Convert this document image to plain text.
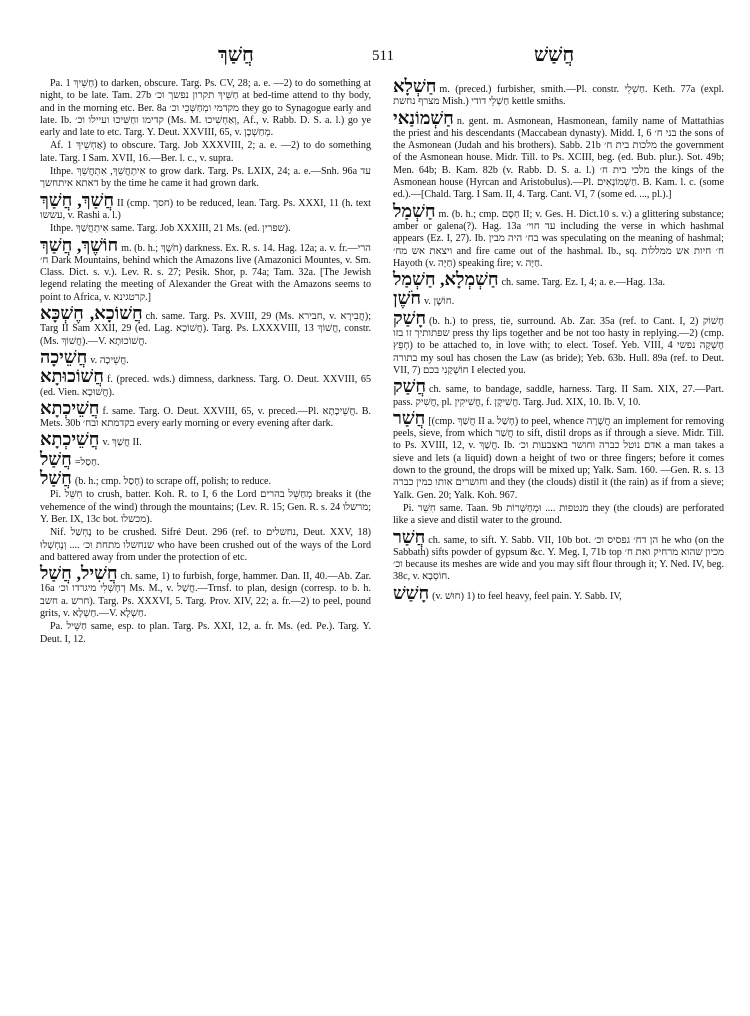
חֲשַׁךְ	511	חֲשַׁשׁ

Pa. חַשֵּׁיךְ 1) to darken, obscure. Targ. Ps. CV, 28; a. e. —2) to do something at night, to be late. Tam. 27b חַשֵּׁיךְ תקרון נפשך וכ׳ at bed-time attend to thy body, and in the morning etc. Ber. 8a מקדמי ומְחַשְּׁכֵי וכ׳ they go to Synagogue early and late. Ib. קדימו וחַשִּׁיכוּ ועיילו וכ׳ (Ms. M. וְאַחְשִׁיכוּ, Af., v. Rabb. D. S. a. l.) go ye early and late to etc. Targ. Y. Deut. XXVIII, 65, v. מְחַשְׁכָן.

Af. אַחְשֵׁיךְ 1) to obscure. Targ. Job XXXVIII, 2; a. e. —2) to do something late. Targ. I Sam. XVII, 16.—Ber. l. c., v. supra.

Ithpe. אִיתְחֲשֵׁךְ, אִתְחֲשֵׁךְ to grow dark. Targ. Ps. LXIX, 24; a. e.—Snh. 96a עד דאתא איתחשך by the time he came it had grown dark.

חֲשַׁךְ, חֲשַׁךְ II (cmp. חסך) to be reduced, lean. Targ. Ps. XXXI, 11 (h. text עששו, v. Rashi a. l.)

Ithpe. אִיתְחֲשַׁךְ same. Targ. Job XXXIII, 21 Ms. (ed. שפרין).

חוֹשֶׁךְ, חֲשַׁךְ m. (b. h.; חֹשֶׁךְ) darkness. Ex. R. s. 14. Hag. 12a; a. v. fr.—הרי ח׳ Dark Mountains, behind which the Amazons live (Amazonici Mountes, v. Sm. Class. Dict. s. v.). Lev. R. s. 27; Pesik. Shor, p. 74a; Tam. 32a. [The Jewish legend relating the meeting of Alexander the Great with the Amazons seems to point to Africa, v. קרטגינא.]

חֲשׁוֹכָא, חֶשְׁכָּא ch. same. Targ. Ps. XVIII, 29 (Ms. חבירא, v. חֲבִירָא); Targ II Sam XXII, 29 (ed. Lag. חֲשׁוֹכָא). Targ. Ps. LXXXVIII, 13 חֲשׁוֹךְ, constr. (Ms. חֲשׁוֹךְ).—V. חֲשׁוֹכוּתָא.

חֲשֵׁיכָה v. חֲשֵׁיכָה.

חֲשׁוֹכוּתָא f. (preced. wds.) dimness, darkness. Targ. O. Deut. XXVIII, 65 (ed. Vien. חֲשׁוּכָא).

חֲשֵׁיכְתָא f. same. Targ. O. Deut. XXVIII, 65, v. preced.—Pl. חֲשֵׁיכָתָא. B. Mets. 30b בקדמתא ובח׳ every early morning or every evening after dark.

חֲשֵׁיכְתָא v. חֲשַׁךְ II.

חֲשַׁל =חַסַל.

חֲשַׁל (b. h.; cmp. חָסַל) to scrape off, polish; to reduce.

Pi. חִשֵּׁל to crush, batter. Koh. R. to I, 6 the Lord מְחַשֵּׁל בהרים breaks it (the vehemence of the wind) through the mountains; (Lev. R. 15; Gen. R. s. 24 מרשלו; Y. Ber. IX, 13c bot. מכשלו).

Nif. נֶחְשַׁל to be crushed. Sifré Deut. 296 (ref. to נחשלים, Deut. XXV, 18) שנחשלו מתחת וכ׳ .... וְנֶחְשְׁלוּ who have been crushed out of the ways of the Lord and battered away from under the protection of etc.

חֲשִׁיל, חֲשַׁל ch. same, 1) to furbish, forge, hammer. Dan. II, 40.—Ab. Zar. 16a דְחָשְׁלִי מיגרדו וכ׳ Ms. M., v. חֲשַׁל.—Trnsf. to plan, design (corresp. to b. h. חשב a. חרש). Targ. Ps. XXXVI, 5. Targ. Prov. XIV, 22; a. fr.—2) to peel, pound grits, v. חַשְׁלָא.—V. חַשְׁלָא.

Pa. חַשֵּׁיל same, esp. to plan. Targ. Ps. XXI, 12, a. fr. Ms. (ed. Pe.). Targ. Y. Deut. I, 12.

חַשְׁלָא m. (preced.) furbisher, smith.—Pl. constr. חַשְׁלֵי. Keth. 77a (expl. מצרף נחשת Mish.) חַשְׁלֵי דודי kettle smiths.

חַשְׁמוֹנַאי n. gent. m. Asmonean, Hasmonean, family name of Mattathias the priest and his descendants (Maccabean dynasty). Midd. I, 6 בני ח׳ the sons of the Asmonean (Judah and his brothers). Sabb. 21b מלכות בית ח׳ the government of the Asmonean house. Midr. Till. to Ps. XCIII, beg. (ed. Bub. plur.). Sot. 49b; Men. 64b; B. Kam. 82b (v. Rabb. D. S. a. l.) מלכי בית ח׳ the kings of the Asmonean house (Hyrcan and Aristobulus).—Pl. חַשְׁמוֹנָאִים. B. Kam. l. c. (some ed.).—[Chald. Targ. I Sam. II, 4. Targ. Cant. VI, 7 (some ed. ..., pl.).]

חַשְׁמַל m. (b. h.; cmp. חַסָם II; v. Ges. H. Dict.10 s. v.) a glittering substance; amber or galena(?). Hag. 13a עד חוי׳ including the verse in which hashmal appears (Ez. I, 27). Ib. בח׳ היה מבין was speculating on the meaning of hashmal; ויצאת אש מח׳ and fire came out of the hashmal. Ib., sq. ח׳ חיות אש ממללות Hayoth (v. חַיָּה) speaking fire; v. חַיָּה.

חַשְׁמְלָא, חַשְׁמַל ch. same. Targ. Ez. I, 4; a. e.—Hag. 13a.

חֹשֶׁן v. חוֹשֶׁן.

חָשַׁק (b. h.) to press, tie, surround. Ab. Zar. 35a (ref. to Cant. I, 2) חָשׁוֹק שפתותיך זו בזו press thy lips together and be not too hasty in replying.—2) (cmp. חָפֵץ) to be attached to, in love with; to elect. Tosef. Yeb. VIII, 4 חָשְׁקָה נפשי בתורה my soul has chosen the Law (as bride); Yeb. 63b. Hull. 89a (ref. to Deut. VII, 7) חוֹשְׁקַנִי בכם I elected you.

חֲשַׁק ch. same, to bandage, saddle, harness. Targ. II Sam. XIX, 27.—Part. pass. חֲשִׁיק, pl. חֲשִׁיקִין, f. חֲשִׁיקָן. Targ. Jud. XIX, 10. Ib. V, 10.

חֲשַׁר [(cmp. חֲשַׁךְ II a. חָשַׁל) to peel, whence חֲשָׁרָה an implement for removing peels, sieve, from which חֲשַׁר to sift, distil drops as if through a sieve. Midr. Till. to Ps. XVIII, 12, v. חֲשַׁךְ. Ib. אדם נוטל כברה וחושר באצבעות וכ׳ a man takes a sieve and lets (a liquid) down a height of two or three fingers; before it comes down to the ground, the drops will be mixed up; Yalk. Sam. 160. —Gen. R. s. 13 וחושרים אותו כמין כברה and they (the clouds) distil it (the rain) as if from a sieve; Yalk. Gen. 20; Yalk. Koh. 967.

Pi. חִשֵּׁר same. Taan. 9b מנטפות .... וּמְחַשְּׁרוֹת they (the clouds) are perforated like a sieve and distil water to the ground.

חֲשַׁר ch. same, to sift. Y. Sabb. VII, 10b bot. הן דח׳ גפסיס וכ׳ he who (on the Sabbath) sifts powder of gypsum &c. Y. Meg. I, 71b top מכיון שהוא מרחיק ואת ח׳ וכ׳ because its meshes are wide and you may sift flour through it; Y. Ned. IV, beg. 38c, v. חוֹסְבָא.

חָשַׁשׁ (v. חוּשׁ) 1) to feel heavy, feel pain. Y. Sabb. IV,
